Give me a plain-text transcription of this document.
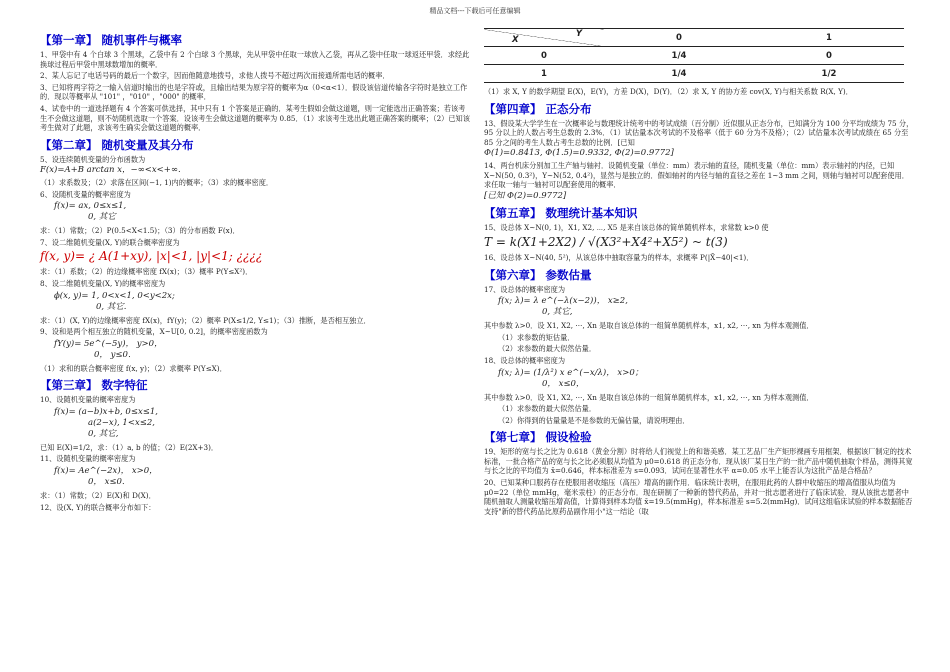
精品文档---下载后可任意编辑
【第一章】 随机事件与概率
1、甲袋中有 4 个白球 3 个黑球，乙袋中有 2 个白球 3 个黑球，先从甲袋中任取一球放入乙袋，再从乙袋中任取一球返还甲袋．求经此换球过程后甲袋中黑球数增加的概率．
2、某人忘记了电话号码的最后一个数字，因而他随意地拨号，求他人拨号不超过两次而接通所需电话的概率．
3、已知将两字符之一输入信道时输出的也是字符或，且输出结果为原字符的概率为α（0<α<1）．假设该信道传输各字符时是独立工作的．现以等概率从 "101" ，"010" ，"000" 的概率．
4、试卷中的一道选择题有 4 个答案可供选择，其中只有 1 个答案是正确的．某考生假如会做这道题，则一定能选出正确答案；若该考生不会做这道题，则不妨随机选取一个答案．设该考生会做这道题的概率为 0.85．（1）求该考生选出此题正确答案的概率；（2）已知该考生做对了此题，求该考生确实会做这道题的概率．
【第二章】 随机变量及其分布
5、设连续随机变量的分布函数为
F(x)=A+B arctan x，−∞<x<+∞.
（1）求系数及；（2）求落在区间(−1, 1)内的概率；（3）求的概率密度．
6、设随机变量的概率密度为
f(x)= ax, 0≤x≤1,
0, 其它
求：（1）常数；（2）P(0.5<X<1.5)；（3）的分布函数 F(x)．
7、设二维随机变量(X, Y)的联合概率密度为
f(x, y)= ¿ A(1+xy), |x|<1, |y|<1; ¿¿¿¿
求：（1）系数；（2）的边缘概率密度 fX(x)；（3）概率 P(Y≤X²)．
8、设二维随机变量(X, Y)的概率密度为
ϕ(x, y)= 1, 0<x<1, 0<y<2x;
0, 其它.
求：（1）(X, Y)的边缘概率密度 fX(x)，fY(y)；（2）概率 P(X≤1/2, Y≤1)；（3）推断，是否相互独立．
9、设和是两个相互独立的随机变量，X~U[0, 0.2]，的概率密度函数为
fY(y)= 5e^(−5y)， y>0，
0， y≤0．
（1）求和的联合概率密度 f(x, y)；（2）求概率 P(Y≤X)．
【第三章】 数字特征
10、设随机变量的概率密度为
f(x)= (a−b)x+b, 0≤x≤1,
a(2−x), 1<x≤2,
0, 其它,
已知 E(X)=1/2，求：（1）a, b 的值；（2）E(2X+3)．
11、设随机变量的概率密度为
f(x)= Ae^(−2x)， x>0，
0， x≤0．
求：（1）常数；（2）E(X)和 D(X)．
12、设(X, Y)的联合概率分布如下：
X
Y	0	1
0	1/4	0
1	1/4	1/2
（1）求 X, Y 的数学期望 E(X)，E(Y)，方差 D(X)，D(Y)．（2）求 X, Y 的协方差 cov(X, Y)与相关系数 R(X, Y)．
【第四章】 正态分布
13、假设某大学学生在一次概率论与数理统计统考中的考试成绩（百分制）近似服从正态分布，已知满分为 100 分平均成绩为 75 分，95 分以上的人数占考生总数的 2.3%．（1）试估量本次考试的不及格率（低于 60 分为不及格）；（2）试估量本次考试成绩在 65 分至 85 分之间的考生人数占考生总数的比例．[已知
Φ(1)=0.8413, Φ(1.5)=0.9332, Φ(2)=0.9772]
14、两台机床分别加工生产轴与轴衬．设随机变量（单位：mm）表示轴的直径，随机变量（单位：mm）表示轴衬的内径，已知 X~N(50, 0.3²)，Y~N(52, 0.4²)，显然与是独立的．假如轴衬的内径与轴的直径之差在 1~3 mm 之间，则轴与轴衬可以配套使用．求任取一轴与一轴衬可以配套使用的概率．
[已知 Φ(2)=0.9772]
【第五章】 数理统计基本知识
15、设总体 X~N(0, 1)，X1, X2, ⋯, X5 是来自该总体的简单随机样本，求常数 k>0 使
T = k(X1+2X2) / √(X3²+X4²+X5²) ~ t(3)
16、设总体 X~N(40, 5²)，从该总体中抽取容量为的样本，求概率 P(|X̄−40|<1)．
【第六章】 参数估量
17、设总体的概率密度为
f(x; λ)= λ e^(−λ(x−2))， x≥2,
0, 其它,
其中参数 λ>0．设 X1, X2, ⋯, Xn 是取自该总体的一组简单随机样本，x1, x2, ⋯, xn 为样本观测值．
（1）求参数的矩估量．
（2）求参数的最大似然估量．
18、设总体的概率密度为
f(x; λ)= (1/λ²) x e^(−x/λ)， x>0；
0， x≤0，
其中参数 λ>0．设 X1, X2, ⋯, Xn 是取自该总体的一组简单随机样本，x1, x2, ⋯, xn 为样本观测值．
（1）求参数的最大似然估量．
（2）你得到的估量量是不是参数的无偏估量，请说明理由．
【第七章】 假设检验
19、矩形的宽与长之比为 0.618（黄金分割）时将给人们视觉上的和谐美感．某工艺品厂生产矩形裸画专用框架．根据该厂制定的技术标准，一批合格产品的宽与长之比必须服从均值为 μ0=0.618 的正态分布．现从该厂某日生产的一批产品中随机抽取个样品，测得其宽与长之比的平均值为 x̄=0.646，样本标准差为 s=0.093．试问在显著性水平 α=0.05 水平上能否认为这批产品是合格品？
20、已知某种口服药存在使服用者收缩压（高压）增高的副作用．临床统计表明，在服用此药的人群中收缩压的增高值服从均值为 μ0=22（单位 mmHg，毫米汞柱）的正态分布．现在研制了一种新的替代药品，并对一批志愿者进行了临床试验．现从该批志愿者中随机抽取人测量收缩压增高值，计算得到样本均值 x̄=19.5(mmHg)，样本标准差 s=5.2(mmHg)．试问这组临床试验的样本数据能否支持"新的替代药品比原药品副作用小"这一结论（取
